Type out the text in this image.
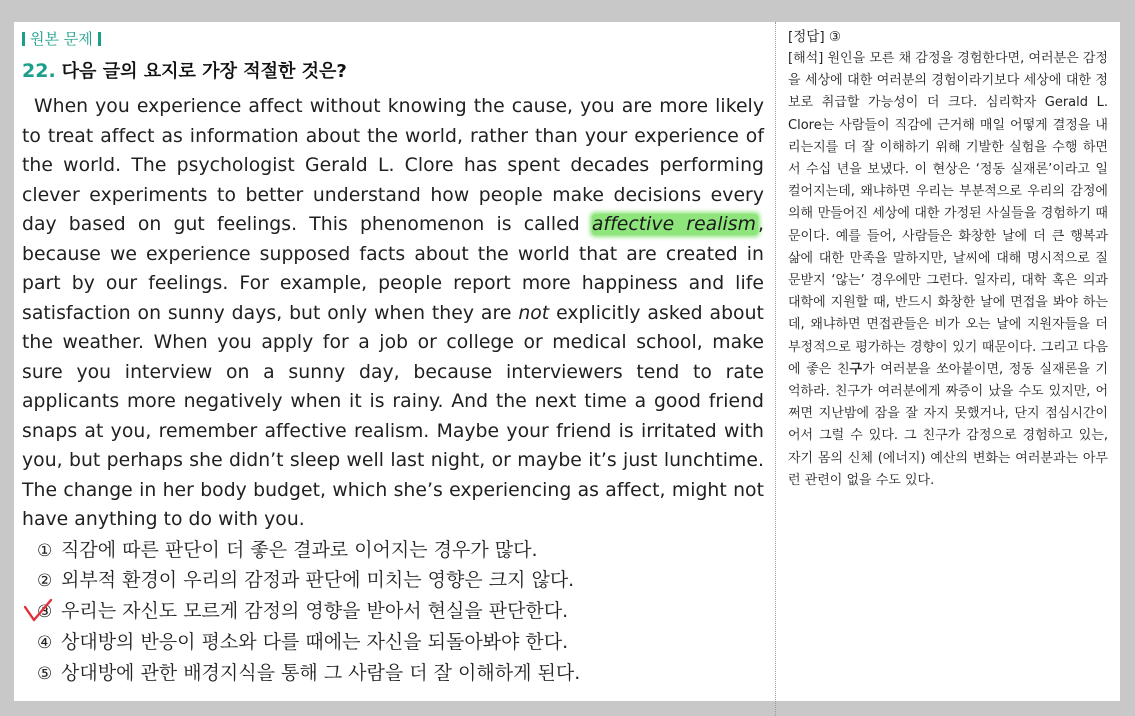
원본 문제
22. 다음 글의 요지로 가장 적절한 것은?
When you experience affect without knowing the cause, you are more likely to treat affect as information about the world, rather than your experience of the world. The psychologist Gerald L. Clore has spent decades performing clever experiments to better understand how people make decisions every day based on gut feelings. This phenomenon is called affective realism , because we experience supposed facts about the world that are created in part by our feelings. For example, people report more happiness and life satisfaction on sunny days, but only when they are not explicitly asked about the weather. When you apply for a job or college or medical school, make sure you interview on a sunny day, because interviewers tend to rate applicants more negatively when it is rainy. And the next time a good friend snaps at you, remember affective realism. Maybe your friend is irritated with you, but perhaps she didn’t sleep well last night, or maybe it’s just lunchtime. The change in her body budget, which she’s experiencing as affect, might not have anything to do with you.
① 직감에 따른 판단이 더 좋은 결과로 이어지는 경우가 많다.
② 외부적 환경이 우리의 감정과 판단에 미치는 영향은 크지 않다.
③ 우리는 자신도 모르게 감정의 영향을 받아서 현실을 판단한다.
④ 상대방의 반응이 평소와 다를 때에는 자신을 되돌아봐야 한다.
⑤ 상대방에 관한 배경지식을 통해 그 사람을 더 잘 이해하게 된다.
[정답] ③
[해석] 원인을 모른 채 감정을 경험한다면, 여러분은 감정 을 세상에 대한 여러분의 경험이라기보다 세상에 대한 정보로 취급할 가능성이 더 크다. 심리학자 Gerald L. Clore는 사람들이 직감에 근거해 매일 어떻게 결정을 내리는지를 더 잘 이해하기 위해 기발한 실험을 수행 하면서 수십 년을 보냈다. 이 현상은 ‘정동 실재론’이라고 일컬어지는데, 왜냐하면 우리는 부분적으로 우리의 감정에 의해 만들어진 세상에 대한 가정된 사실들을 경험하기 때문이다. 예를 들어, 사람들은 화창한 날에 더 큰 행복과 삶에 대한 만족을 말하지만, 날씨에 대해 명시적으로 질문받지 ‘않는’ 경우에만 그런다. 일자리, 대학 혹은 의과 대학에 지원할 때, 반드시 화창한 날에 면접을 봐야 하는데, 왜냐하면 면접관들은 비가 오는 날에 지원자들을 더 부정적으로 평가하는 경향이 있기 때문이다. 그리고 다음에 좋은 친구가 여러분을 쏘아붙이면, 정동 실재론을 기억하라. 친구가 여러분에게 짜증이 났을 수도 있지만, 어쩌면 지난밤에 잠을 잘 자지 못했거나, 단지 점심시간이어서 그럴 수 있다. 그 친구가 감정으로 경험하고 있는, 자기 몸의 신체 (에너지) 예산의 변화는 여러분과는 아무런 관련이 없을 수도 있다.
